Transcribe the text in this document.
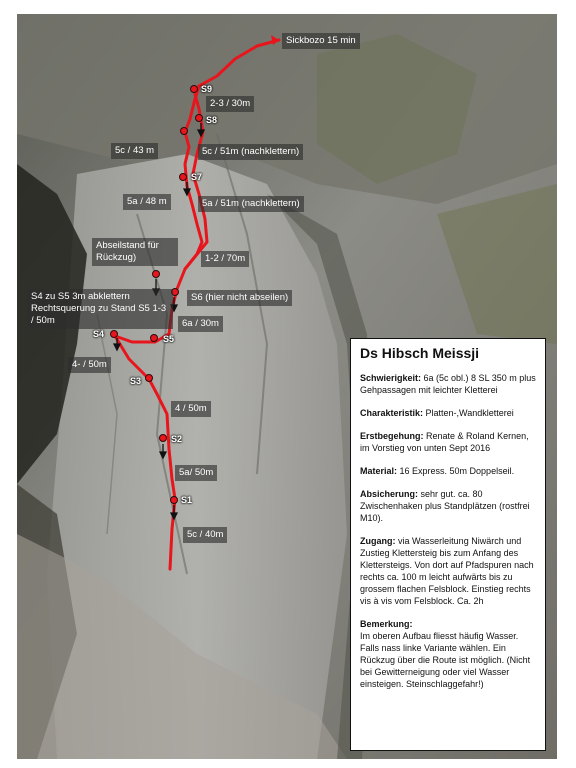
Sickbozo 15 min
2-3 / 30m
5c / 43 m	5c / 51m (nachklettern)
5a / 48 m	5a / 51m (nachklettern)
Abseilstand für Rückzug)	1-2 / 70m
S6 (hier nicht abseilen)
S4 zu S5 3m abklettern Rechtsquerung zu Stand S5 1-3 / 50m	6a / 30m
4- / 50m
4 / 50m
5a/ 50m
5c / 40m
S9
S8
S7
S4	S5
S3
S2
S1
Ds Hibsch Meissji

Schwierigkeit: 6a (5c obl.) 8 SL 350 m plus Gehpassagen mit leichter Kletterei

Charakteristik: Platten-,Wandkletterei

Erstbegehung: Renate & Roland Kernen, im Vorstieg von unten Sept 2016

Material: 16 Express. 50m Doppelseil.

Absicherung: sehr gut. ca. 80 Zwischenhaken plus Standplätzen (rostfrei M10).

Zugang: via Wasserleitung Niwärch und Zustieg Klettersteig bis zum Anfang des Klettersteigs. Von dort auf Pfadspuren nach rechts ca. 100 m leicht aufwärts bis zu grossem flachen Felsblock. Einstieg rechts vis à vis vom Felsblock. Ca. 2h

Bemerkung:
Im oberen Aufbau fliesst häufig Wasser. Falls nass linke Variante wählen. Ein Rückzug über die Route ist möglich. (Nicht bei Gewitterneigung oder viel Wasser einsteigen. Steinschlaggefahr!)
